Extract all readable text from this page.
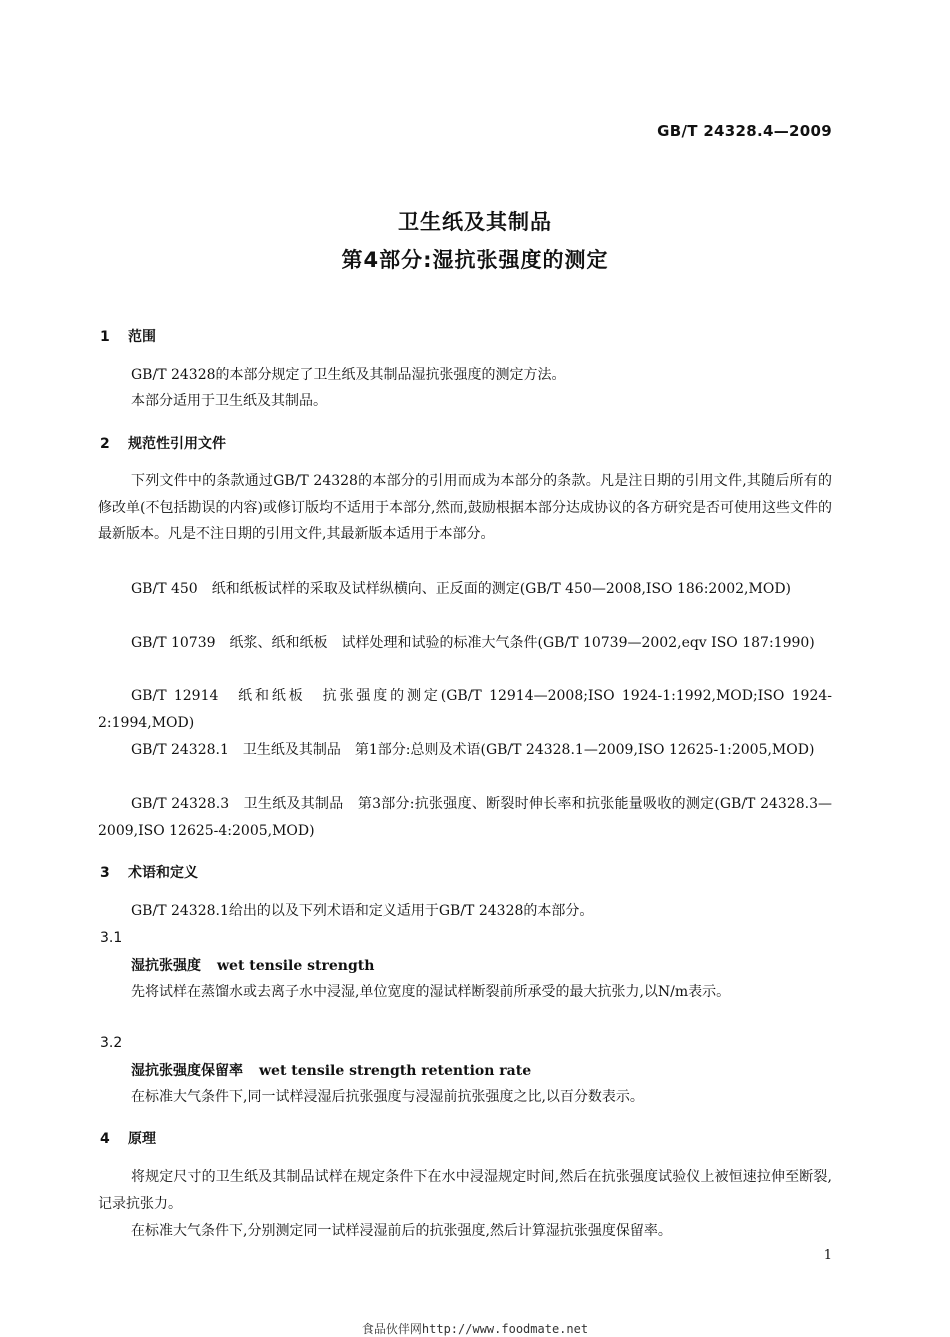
GB/T 24328.4—2009
卫生纸及其制品
第4部分:湿抗张强度的测定
1 范围
GB/T 24328的本部分规定了卫生纸及其制品湿抗张强度的测定方法。
本部分适用于卫生纸及其制品。
2 规范性引用文件
下列文件中的条款通过GB/T 24328的本部分的引用而成为本部分的条款。凡是注日期的引用文件,其随后所有的修改单(不包括勘误的内容)或修订版均不适用于本部分,然而,鼓励根据本部分达成协议的各方研究是否可使用这些文件的最新版本。凡是不注日期的引用文件,其最新版本适用于本部分。
GB/T 450　纸和纸板试样的采取及试样纵横向、正反面的测定(GB/T 450—2008,ISO 186:2002,MOD)
GB/T 10739　纸浆、纸和纸板　试样处理和试验的标准大气条件(GB/T 10739—2002,eqv ISO 187:1990)
GB/T 12914　纸和纸板　抗张强度的测定(GB/T 12914—2008;ISO 1924-1:1992,MOD;ISO 1924-2:1994,MOD)
GB/T 24328.1　卫生纸及其制品　第1部分:总则及术语(GB/T 24328.1—2009,ISO 12625-1:2005,MOD)
GB/T 24328.3　卫生纸及其制品　第3部分:抗张强度、断裂时伸长率和抗张能量吸收的测定(GB/T 24328.3—2009,ISO 12625-4:2005,MOD)
3 术语和定义
GB/T 24328.1给出的以及下列术语和定义适用于GB/T 24328的本部分。
3.1
湿抗张强度 wet tensile strength
先将试样在蒸馏水或去离子水中浸湿,单位宽度的湿试样断裂前所承受的最大抗张力,以N/m表示。
3.2
湿抗张强度保留率 wet tensile strength retention rate
在标准大气条件下,同一试样浸湿后抗张强度与浸湿前抗张强度之比,以百分数表示。
4 原理
将规定尺寸的卫生纸及其制品试样在规定条件下在水中浸湿规定时间,然后在抗张强度试验仪上被恒速拉伸至断裂,记录抗张力。
在标准大气条件下,分别测定同一试样浸湿前后的抗张强度,然后计算湿抗张强度保留率。
1
食品伙伴网http://www.foodmate.net
